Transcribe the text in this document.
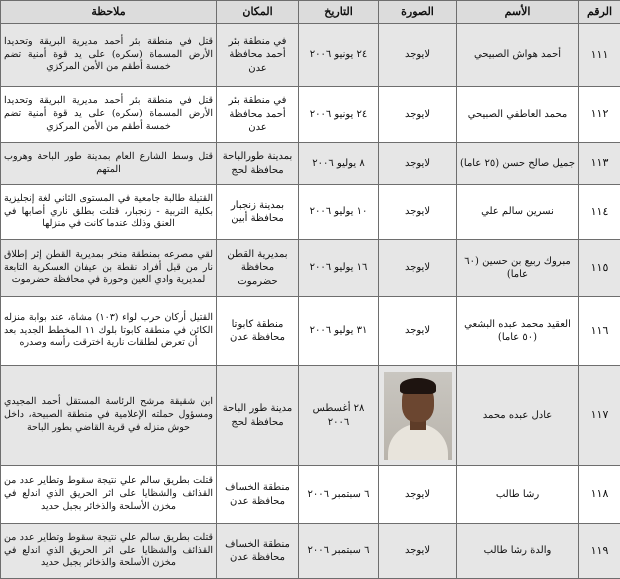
الرقم	الأسم	الصورة	التاريخ	المكان	ملاحظة
١١١	أحمد هواش الصبيحي	لايوجد	٢٤ يونيو ٢٠٠٦	في منطقة بئر أحمد محافظة عدن	قتل في منطقة بئر أحمد مديرية البريقة وتحديدا الأرض المسماة (سكره) على يد قوة أمنية تضم خمسة أطقم من الأمن المركزي
١١٢	محمد العاطفي الصبيحي	لايوجد	٢٤ يونيو ٢٠٠٦	في منطقة بئر أحمد محافظة عدن	قتل في منطقة بئر أحمد مديرية البريقة وتحديدا الأرض المسماة (سكره) على يد قوة أمنية تضم خمسة أطقم من الأمن المركزي
١١٣	جميل صالح حسن (٢٥ عاما)	لايوجد	٨ يوليو ٢٠٠٦	بمدينة طورالباحة محافظة لحج	قتل وسط الشارع العام بمدينة طور الباحة وهروب المتهم
١١٤	نسرين سالم علي	لايوجد	١٠ يوليو ٢٠٠٦	بمدينة زنجبار محافظة أبين	القتيلة طالبة جامعية في المستوى الثاني لغة إنجليزية بكلية التربية - زنجبار، قتلت بطلق ناري أصابها في العنق وذلك عندما كانت في منزلها
١١٥	مبروك ربيع بن حسين (٦٠ عاما)	لايوجد	١٦ يوليو ٢٠٠٦	بمديرية القطن محافظة حضرموت	لقي مصرعه بمنطقة منخر بمديرية القطن إثر إطلاق نار من قبل أفراد نقطة بن عيفان العسكرية التابعة لمديرية وادي العين وحورة في محافظة حضرموت
١١٦	العقيد محمد عبده البشعي (٥٠ عاما)	لايوجد	٣١ يوليو ٢٠٠٦	منطقة كابوتا محافظة عدن	القتيل أركان حرب لواء (١٠٣) مشاة، عند بوابة منزله الكائن في منطقة كابوتا بلوك ١١ المخطط الجديد بعد أن تعرض لطلقات نارية اخترقت رأسه وصدره
١١٧	عادل عبده محمد		٢٨ أغسطس ٢٠٠٦	مدينة طور الباحة محافظة لحج	ابن شقيقة مرشح الرئاسة المستقل أحمد المجيدي ومسؤول حملته الإعلامية في منطقة الصبيحة، داخل حوش منزله في قرية القاضي بطور الباحة
١١٨	رشا طالب	لايوجد	٦ سبتمبر ٢٠٠٦	منطقة الخساف محافظة عدن	قتلت بطريق سالم علي نتيجة سقوط وتطاير عدد من القذائف والشظايا على اثر الحريق الذي اندلع في مخزن الأسلحة والذخائر بجبل حديد
١١٩	والدة رشا طالب	لايوجد	٦ سبتمبر ٢٠٠٦	منطقة الخساف محافظة عدن	قتلت بطريق سالم علي نتيجة سقوط وتطاير عدد من القذائف والشظايا على اثر الحريق الذي اندلع في مخزن الأسلحة والذخائر بجبل حديد
